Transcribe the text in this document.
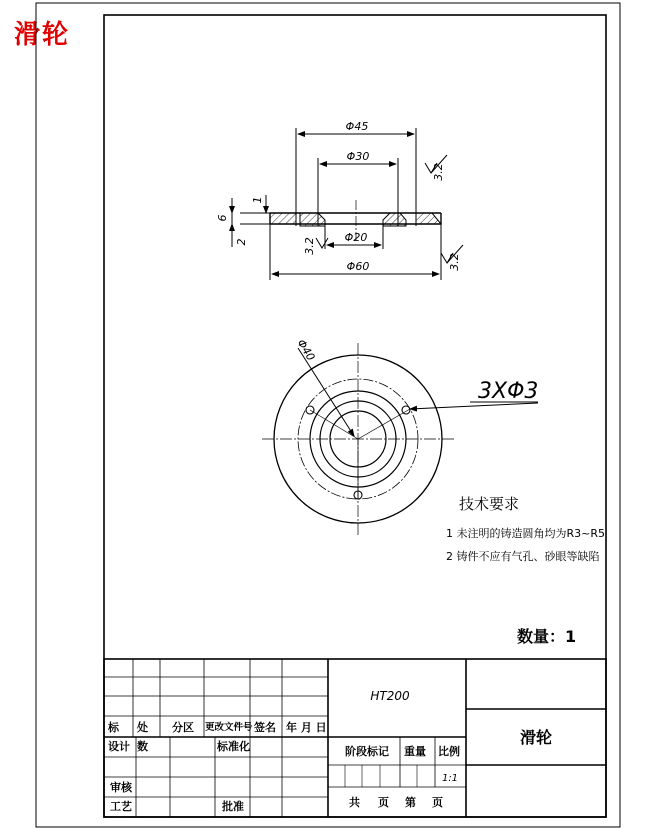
滑轮
Φ45
Φ30
Φ20
Φ60
6
1
2
3.2
3.2
3.2
Φ40
3XΦ3
技术要求
1 未注明的铸造圆角均为R3~R5
2 铸件不应有气孔、砂眼等缺陷
数量：1
HT200
滑轮
标 处 分区 更改文件号 签名 年 月 日
设计 数	标准化
审核
工艺	批准
阶段标记 重量 比例
1:1
共 页 第 页
